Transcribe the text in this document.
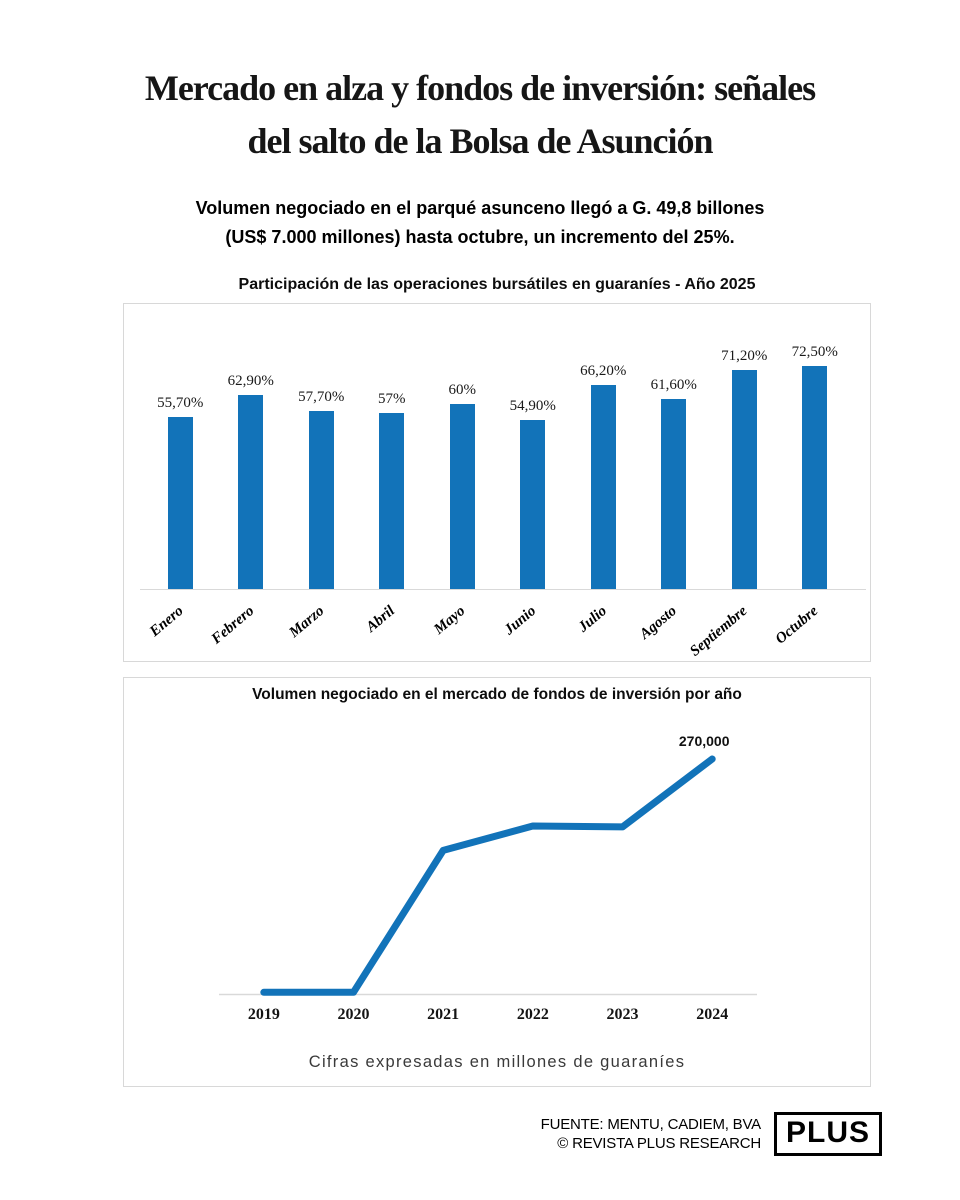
Mercado en alza y fondos de inversión: señales
del salto de la Bolsa de Asunción
Volumen negociado en el parqué asunceno llegó a G. 49,8 billones
(US$ 7.000 millones) hasta octubre, un incremento del 25%.
Participación de las operaciones bursátiles en guaraníes - Año 2025
55,70%
62,90%
57,70% 57%
60%
54,90%
66,20%
61,60%
71,20% 72,50%
Enero Febrero Marzo Abril Mayo Junio Julio Agosto Septiembre Octubre
Volumen negociado en el mercado de fondos de inversión por año
270,000
2019	2020	2021	2022	2023	2024
Cifras expresadas en millones de guaraníes
FUENTE: MENTU, CADIEM, BVA
© REVISTA PLUS RESEARCH PLUS
